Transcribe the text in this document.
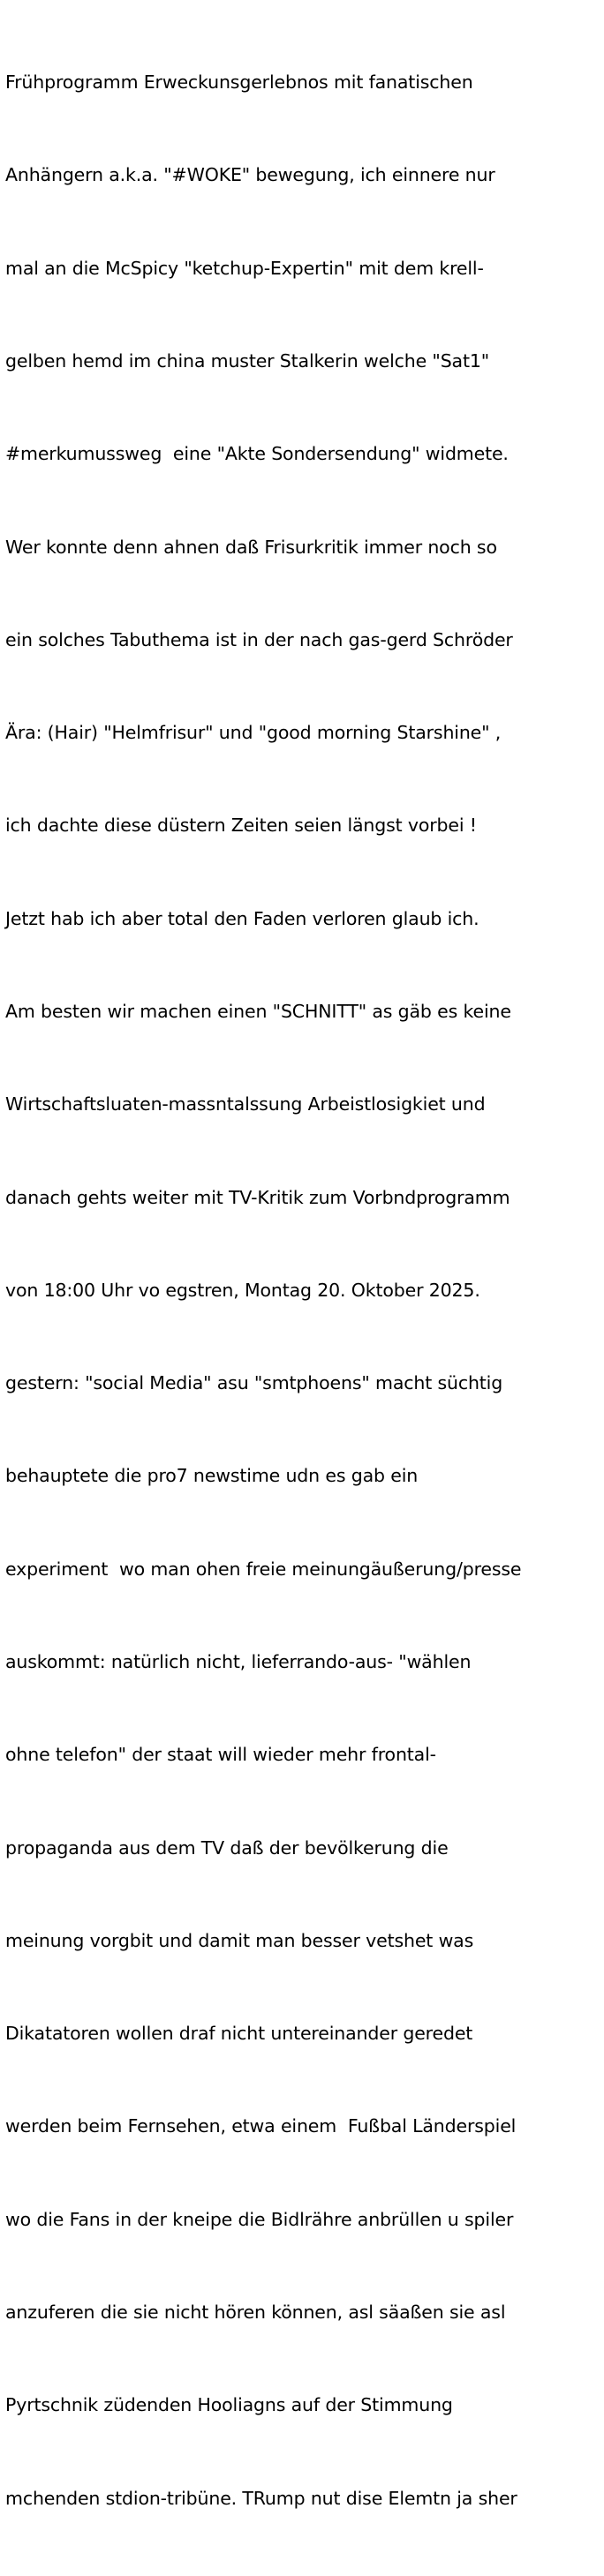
Frühprogramm Erweckunsgerlebnos mit fanatischen

Anhängern a.k.a. "#WOKE" bewegung, ich einnere nur

mal an die McSpicy "ketchup-Expertin" mit dem krell-

gelben hemd im china muster Stalkerin welche "Sat1"

#merkumussweg  eine "Akte Sondersendung" widmete.

Wer konnte denn ahnen daß Frisurkritik immer noch so

ein solches Tabuthema ist in der nach gas-gerd Schröder

Ära: (Hair) "Helmfrisur" und "good morning Starshine" ,

ich dachte diese düstern Zeiten seien längst vorbei !

Jetzt hab ich aber total den Faden verloren glaub ich.

Am besten wir machen einen "SCHNITT" as gäb es keine

Wirtschaftsluaten-massntalssung Arbeistlosigkiet und

danach gehts weiter mit TV-Kritik zum Vorbndprogramm

von 18:00 Uhr vo egstren, Montag 20. Oktober 2025.

gestern: "social Media" asu "smtphoens" macht süchtig

behauptete die pro7 newstime udn es gab ein

experiment  wo man ohen freie meinungäußerung/presse

auskommt: natürlich nicht, lieferrando-aus- "wählen

ohne telefon" der staat will wieder mehr frontal-

propaganda aus dem TV daß der bevölkerung die

meinung vorgbit und damit man besser vetshet was

Dikatatoren wollen draf nicht untereinander geredet

werden beim Fernsehen, etwa einem  Fußbal Länderspiel

wo die Fans in der kneipe die Bidlrähre anbrüllen u spiler

anzuferen die sie nicht hören können, asl säaßen sie asl

Pyrtschnik züdenden Hooliagns auf der Stimmung

mchenden stdion-tribüne. TRump nut dise Elemtn ja sher
